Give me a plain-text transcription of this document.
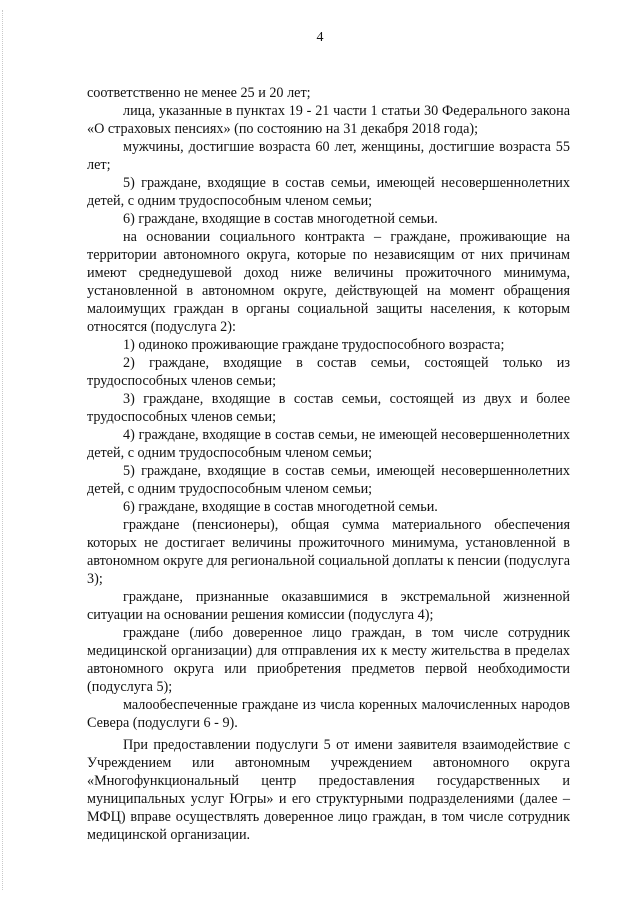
4

соответственно не менее 25 и 20 лет;

лица, указанные в пунктах 19 - 21 части 1 статьи 30 Федерального закона «О страховых пенсиях» (по состоянию на 31 декабря 2018 года);

мужчины, достигшие возраста 60 лет, женщины, достигшие возраста 55 лет;

5) граждане, входящие в состав семьи, имеющей несовершеннолетних детей, с одним трудоспособным членом семьи;

6) граждане, входящие в состав многодетной семьи.

на основании социального контракта – граждане, проживающие на территории автономного округа, которые по независящим от них причинам имеют среднедушевой доход ниже величины прожиточного минимума, установленной в автономном округе, действующей на момент обращения малоимущих граждан в органы социальной защиты населения, к которым относятся (подуслуга 2):

1) одиноко проживающие граждане трудоспособного возраста;

2) граждане, входящие в состав семьи, состоящей только из трудоспособных членов семьи;

3) граждане, входящие в состав семьи, состоящей из двух и более трудоспособных членов семьи;

4) граждане, входящие в состав семьи, не имеющей несовершеннолетних детей, с одним трудоспособным членом семьи;

5) граждане, входящие в состав семьи, имеющей несовершеннолетних детей, с одним трудоспособным членом семьи;

6) граждане, входящие в состав многодетной семьи.

граждане (пенсионеры), общая сумма материального обеспечения которых не достигает величины прожиточного минимума, установленной в автономном округе для региональной социальной доплаты к пенсии (подуслуга 3);

граждане, признанные оказавшимися в экстремальной жизненной ситуации на основании решения комиссии (подуслуга 4);

граждане (либо доверенное лицо граждан, в том числе сотрудник медицинской организации) для отправления их к месту жительства в пределах автономного округа или приобретения предметов первой необходимости (подуслуга 5);

малообеспеченные граждане из числа коренных малочисленных народов Севера (подуслуги 6 - 9).

При предоставлении подуслуги 5 от имени заявителя взаимодействие с Учреждением или автономным учреждением автономного округа «Многофункциональный центр предоставления государственных и муниципальных услуг Югры» и его структурными подразделениями (далее – МФЦ) вправе осуществлять доверенное лицо граждан, в том числе сотрудник медицинской организации.
